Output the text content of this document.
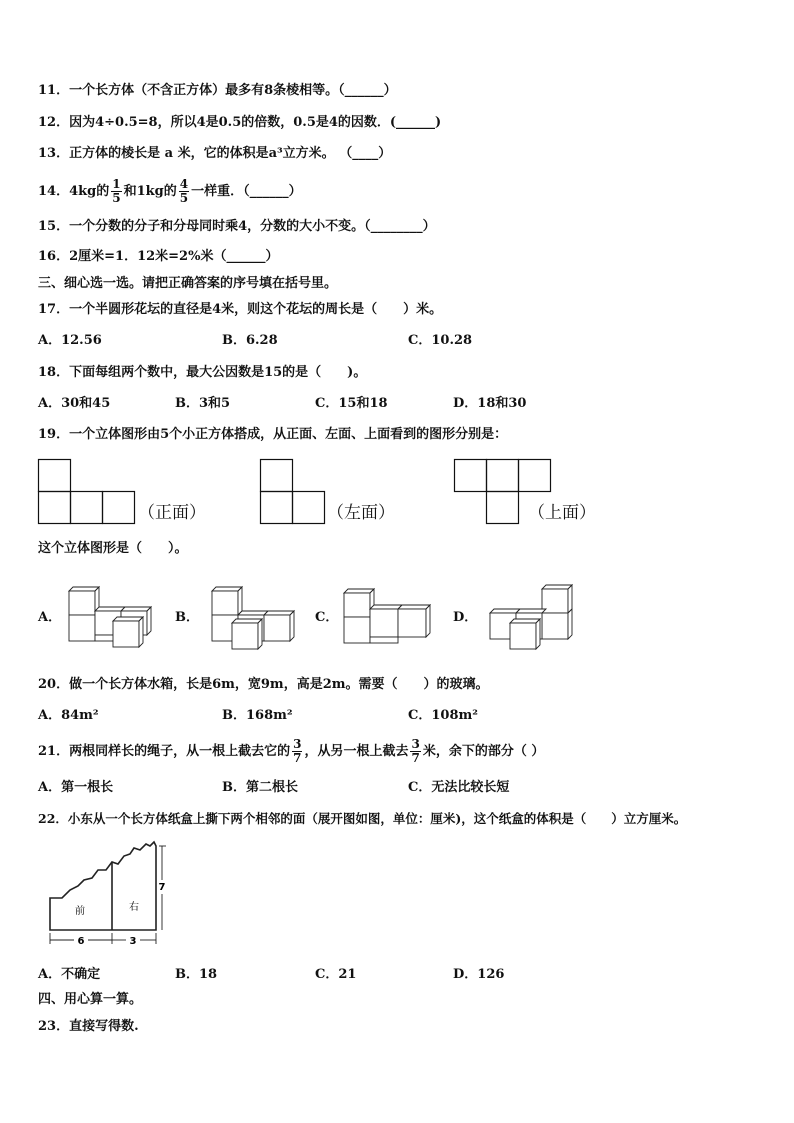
11．一个长方体（不含正方体）最多有8条棱相等。（______）
12．因为4÷0.5=8，所以4是0.5的倍数，0.5是4的因数．(______)
13．正方体的棱长是 a 米，它的体积是a³立方米。 （____）
14．4kg的 $\frac{1}{5}$ 和1kg的 $\frac{4}{5}$ 一样重．（______）
15．一个分数的分子和分母同时乘4，分数的大小不变。（________）
16．2厘米=1．12米=2%米（______）
三、细心选一选。请把正确答案的序号填在括号里。
17．一个半圆形花坛的直径是4米，则这个花坛的周长是（　　）米。
A．12.56	B．6.28	C．10.28
18．下面每组两个数中，最大公因数是15的是（　　)。
A．30和45	B．3和5	C．15和18	D．18和30
19．一个立体图形由5个小正方体搭成，从正面、左面、上面看到的图形分别是：
（正面）	（左面）	（上面）
这个立体图形是（　　）。
A．	B．	C．	D．
20．做一个长方体水箱，长是6m，宽9m，高是2m。需要（　　）的玻璃。
A．84m²	B．168m²	C．108m²
21．两根同样长的绳子，从一根上截去它的 $\frac{3}{7}$ ，从另一根上截去 $\frac{3}{7}$ 米，余下的部分（ ）
A．第一根长	B．第二根长	C．无法比较长短
22．小东从一个长方体纸盒上撕下两个相邻的面（展开图如图，单位：厘米)，这个纸盒的体积是（　　）立方厘米。
前	右
6	3
7
A．不确定	B．18	C．21	D．126
四、用心算一算。
23．直接写得数.
